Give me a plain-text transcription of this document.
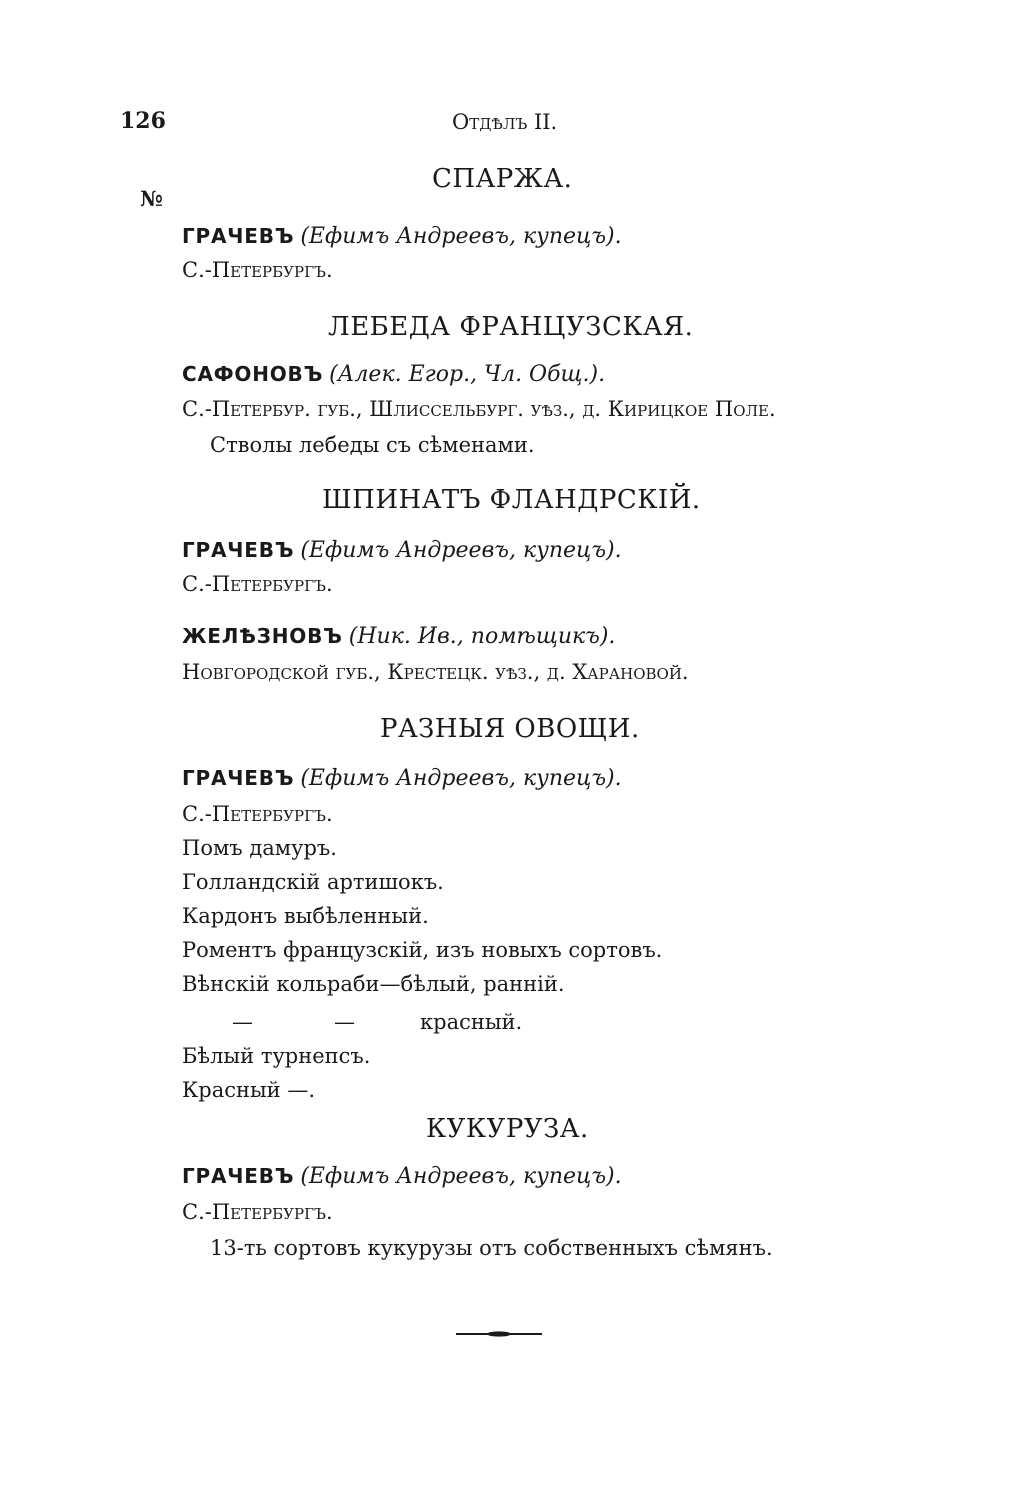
126	Отдѣлъ II.
№
СПАРЖА.
ГРАЧЕВЪ (Ефимъ Андреевъ, купецъ).
С.-Петербургъ.
ЛЕБЕДА ФРАНЦУЗСКАЯ.
САФОНОВЪ (Алек. Егор., Чл. Общ.).
С.-Петербур. губ., Шлиссельбург. уѣз., д. Кирицкое Поле.
Стволы лебеды съ сѣменами.
ШПИНАТЪ ФЛАНДРСКІЙ.
ГРАЧЕВЪ (Ефимъ Андреевъ, купецъ).
С.-Петербургъ.
ЖЕЛѢЗНОВЪ (Ник. Ив., помѣщикъ).
Новгородской губ., Крестецк. уѣз., д. Харановой.
РАЗНЫЯ ОВОЩИ.
ГРАЧЕВЪ (Ефимъ Андреевъ, купецъ).
С.-Петербургъ.
Помъ дамуръ.
Голландскій артишокъ.
Кардонъ выбѣленный.
Роментъ французскій, изъ новыхъ сортовъ.
Вѣнскій кольраби—бѣлый, ранній.
—	—	красный.
Бѣлый турнепсъ.
Красный —.
КУКУРУЗА.
ГРАЧЕВЪ (Ефимъ Андреевъ, купецъ).
С.-Петербургъ.
13-ть сортовъ кукурузы отъ собственныхъ сѣмянъ.
